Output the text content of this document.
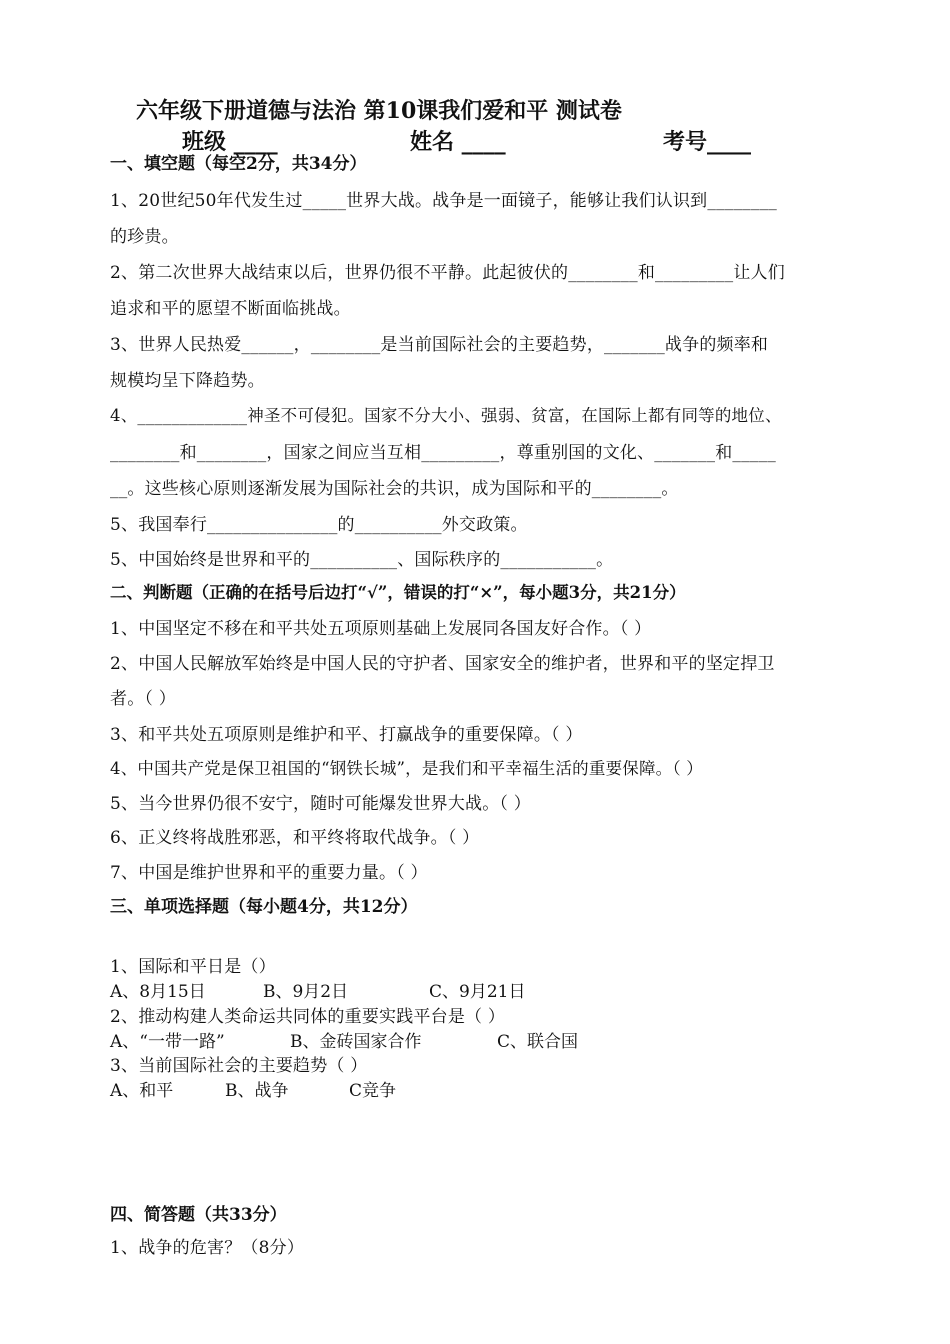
六年级下册道德与法治 第10课我们爱和平 测试卷
班级 ____	姓名 ____	考号____
一、填空题（每空2分，共34分）
1、20世纪50年代发生过_____世界大战。战争是一面镜子，能够让我们认识到________
的珍贵。
2、第二次世界大战结束以后，世界仍很不平静。此起彼伏的________和_________让人们
追求和平的愿望不断面临挑战。
3、世界人民热爱______，________是当前国际社会的主要趋势，_______战争的频率和
规模均呈下降趋势。
4、_____________神圣不可侵犯。国家不分大小、强弱、贫富，在国际上都有同等的地位、
________和________，国家之间应当互相_________，尊重别国的文化、_______和_____
__。这些核心原则逐渐发展为国际社会的共识，成为国际和平的________。
5、我国奉行_______________的__________外交政策。
5、中国始终是世界和平的__________、国际秩序的___________。
二、判断题（正确的在括号后边打“√”，错误的打“×”，每小题3分，共21分）
1、中国坚定不移在和平共处五项原则基础上发展同各国友好合作。（ ）
2、中国人民解放军始终是中国人民的守护者、国家安全的维护者，世界和平的坚定捍卫
者。（ ）
3、和平共处五项原则是维护和平、打赢战争的重要保障。（ ）
4、中国共产党是保卫祖国的“钢铁长城”，是我们和平幸福生活的重要保障。（ ）
5、当今世界仍很不安宁，随时可能爆发世界大战。（ ）
6、正义终将战胜邪恶，和平终将取代战争。（ ）
7、中国是维护世界和平的重要力量。（ ）
三、单项选择题（每小题4分，共12分）
1、国际和平日是（）
A、8月15日	B、9月2日	C、9月21日
2、推动构建人类命运共同体的重要实践平台是（ ）
A、“一带一路”	B、金砖国家合作	C、联合国
3、当前国际社会的主要趋势（ ）
A、和平	B、战争	C竞争
四、简答题（共33分）
1、战争的危害？（8分）
